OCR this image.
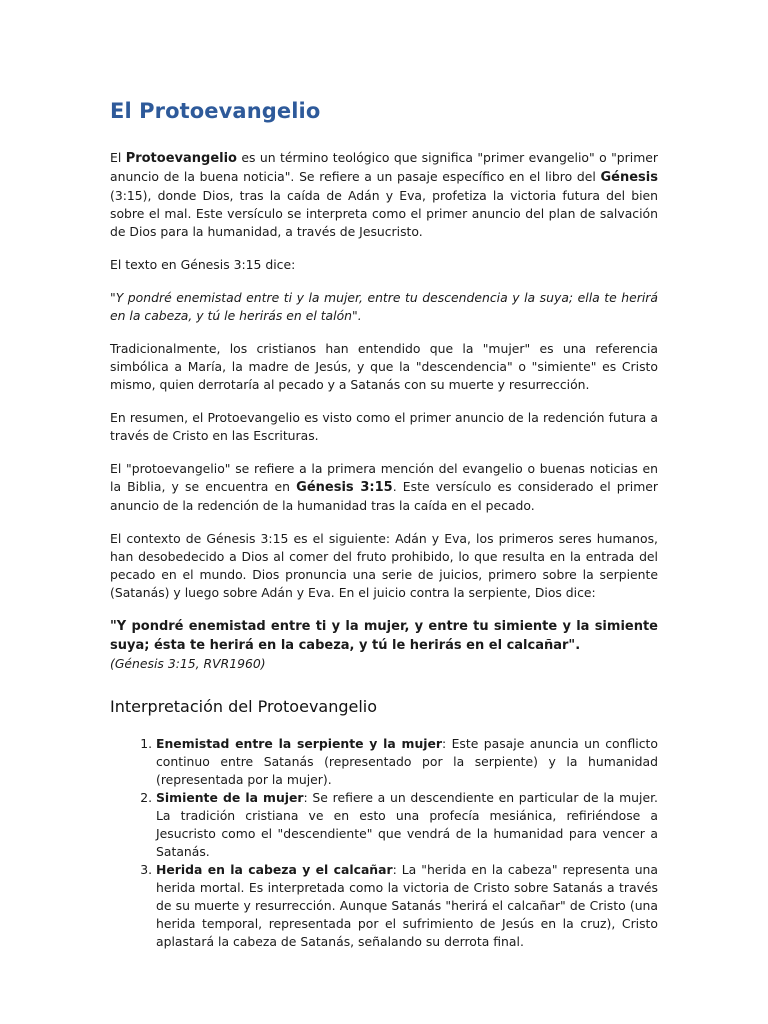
El Protoevangelio

El Protoevangelio es un término teológico que significa "primer evangelio" o "primer anuncio de la buena noticia". Se refiere a un pasaje específico en el libro del Génesis (3:15), donde Dios, tras la caída de Adán y Eva, profetiza la victoria futura del bien sobre el mal. Este versículo se interpreta como el primer anuncio del plan de salvación de Dios para la humanidad, a través de Jesucristo.

El texto en Génesis 3:15 dice:

"Y pondré enemistad entre ti y la mujer, entre tu descendencia y la suya; ella te herirá en la cabeza, y tú le herirás en el talón".

Tradicionalmente, los cristianos han entendido que la "mujer" es una referencia simbólica a María, la madre de Jesús, y que la "descendencia" o "simiente" es Cristo mismo, quien derrotaría al pecado y a Satanás con su muerte y resurrección.

En resumen, el Protoevangelio es visto como el primer anuncio de la redención futura a través de Cristo en las Escrituras.

El "protoevangelio" se refiere a la primera mención del evangelio o buenas noticias en la Biblia, y se encuentra en Génesis 3:15. Este versículo es considerado el primer anuncio de la redención de la humanidad tras la caída en el pecado.

El contexto de Génesis 3:15 es el siguiente: Adán y Eva, los primeros seres humanos, han desobedecido a Dios al comer del fruto prohibido, lo que resulta en la entrada del pecado en el mundo. Dios pronuncia una serie de juicios, primero sobre la serpiente (Satanás) y luego sobre Adán y Eva. En el juicio contra la serpiente, Dios dice:

"Y pondré enemistad entre ti y la mujer, y entre tu simiente y la simiente suya; ésta te herirá en la cabeza, y tú le herirás en el calcañar".
(Génesis 3:15, RVR1960)

Interpretación del Protoevangelio
1. Enemistad entre la serpiente y la mujer: Este pasaje anuncia un conflicto continuo entre Satanás (representado por la serpiente) y la humanidad (representada por la mujer).
2. Simiente de la mujer: Se refiere a un descendiente en particular de la mujer. La tradición cristiana ve en esto una profecía mesiánica, refiriéndose a Jesucristo como el "descendiente" que vendrá de la humanidad para vencer a Satanás.
3. Herida en la cabeza y el calcañar: La "herida en la cabeza" representa una herida mortal. Es interpretada como la victoria de Cristo sobre Satanás a través de su muerte y resurrección. Aunque Satanás "herirá el calcañar" de Cristo (una herida temporal, representada por el sufrimiento de Jesús en la cruz), Cristo aplastará la cabeza de Satanás, señalando su derrota final.
